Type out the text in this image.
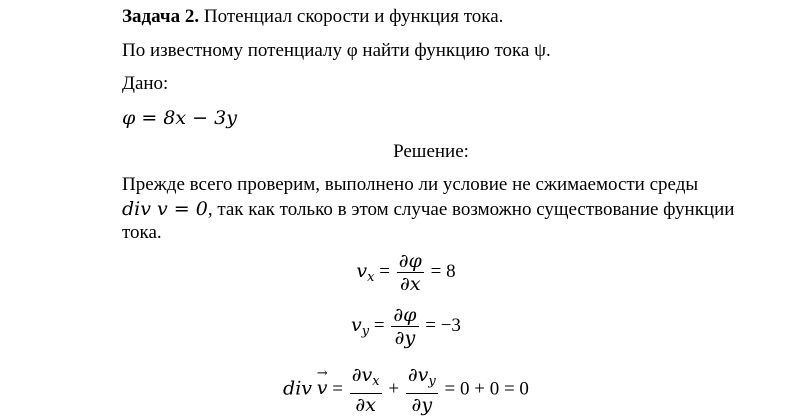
Задача 2. Потенциал скорости и функция тока.
По известному потенциалу φ найти функцию тока ψ.
Дано:
φ = 8x − 3y
Решение:
Прежде всего проверим, выполнено ли условие не сжимаемости среды
div v = 0, так как только в этом случае возможно существование функции
тока.
$v_x = \frac{\partial\varphi}{\partial x} = 8$
$v_y = \frac{\partial\varphi}{\partial y} = -3$
div → $v = \frac{\partial v_x}{\partial x} + \frac{\partial v_y}{\partial y} = 0 + 0 = 0$
